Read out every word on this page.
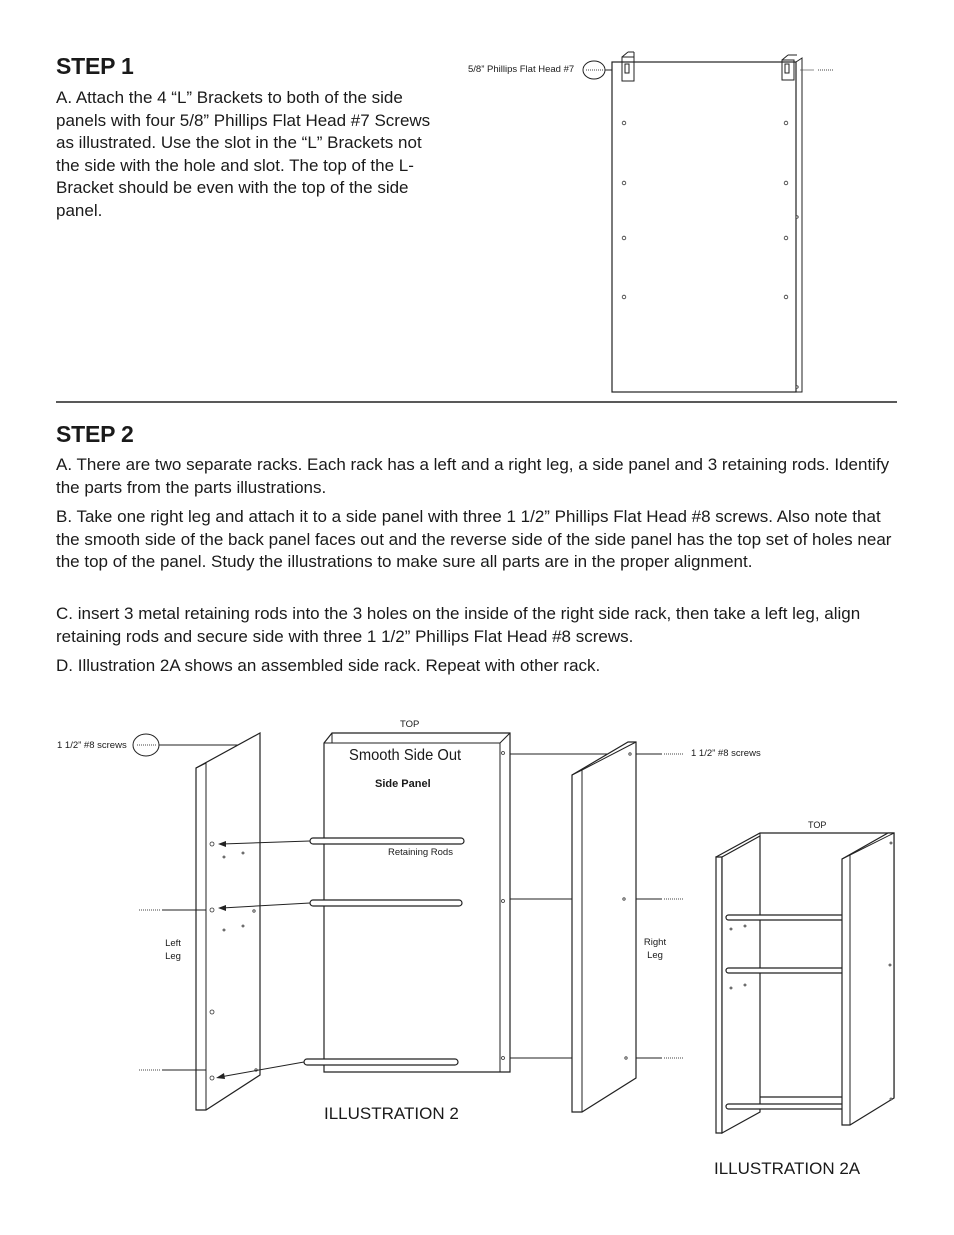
STEP 1
A. Attach the 4 “L” Brackets to both of the side panels with four 5/8” Phillips Flat Head #7 Screws as illustrated. Use the slot in the “L” Brackets not the side with the hole and slot. The top of the L-Bracket should be even with the top of the side panel.
5/8” Phillips Flat Head #7
STEP 2
A. There are two separate racks. Each rack has a left and a right leg, a side panel and 3 retaining rods. Identify the parts from the parts illustrations.
B. Take one right leg and attach it to a side panel with three 1 1/2” Phillips Flat Head #8 screws. Also note that the smooth side of the back panel faces out and the reverse side of the side panel has the top set of holes near the top of the panel. Study the illustrations to make sure all parts are in the proper alignment.
C. insert 3 metal retaining rods into the 3 holes on the inside of the right side rack, then take a left leg, align retaining rods and secure side with three 1 1/2” Phillips Flat Head #8 screws.
D. Illustration 2A shows an assembled side rack. Repeat with other rack.
TOP
1 1/2” #8 screws
1 1/2” #8 screws
Smooth Side Out
Side Panel
Retaining Rods
Left
Leg
Right
Leg
ILLUSTRATION 2
TOP
ILLUSTRATION 2A
